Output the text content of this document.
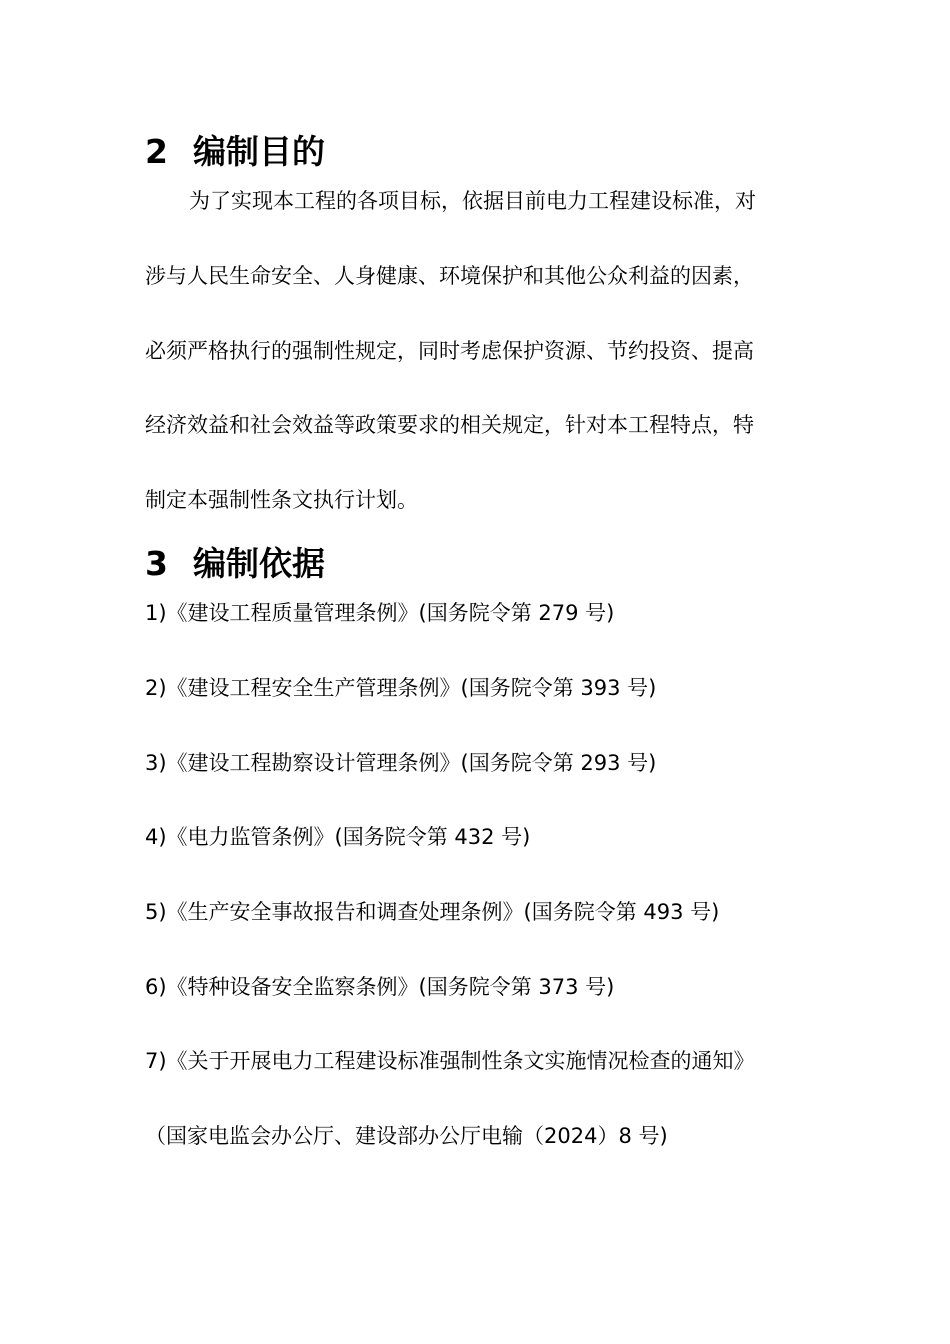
2 编制目的
为了实现本工程的各项目标，依据目前电力工程建设标准，对
涉与人民生命安全、人身健康、环境保护和其他公众利益的因素，
必须严格执行的强制性规定，同时考虑保护资源、节约投资、提高
经济效益和社会效益等政策要求的相关规定，针对本工程特点，特
制定本强制性条文执行计划。
3 编制依据
1)《建设工程质量管理条例》(国务院令第 279 号)
2)《建设工程安全生产管理条例》(国务院令第 393 号)
3)《建设工程勘察设计管理条例》(国务院令第 293 号)
4)《电力监管条例》(国务院令第 432 号)
5)《生产安全事故报告和调查处理条例》(国务院令第 493 号)
6)《特种设备安全监察条例》(国务院令第 373 号)
7)《关于开展电力工程建设标准强制性条文实施情况检查的通知》
（国家电监会办公厅、建设部办公厅电输（2024）8 号)
